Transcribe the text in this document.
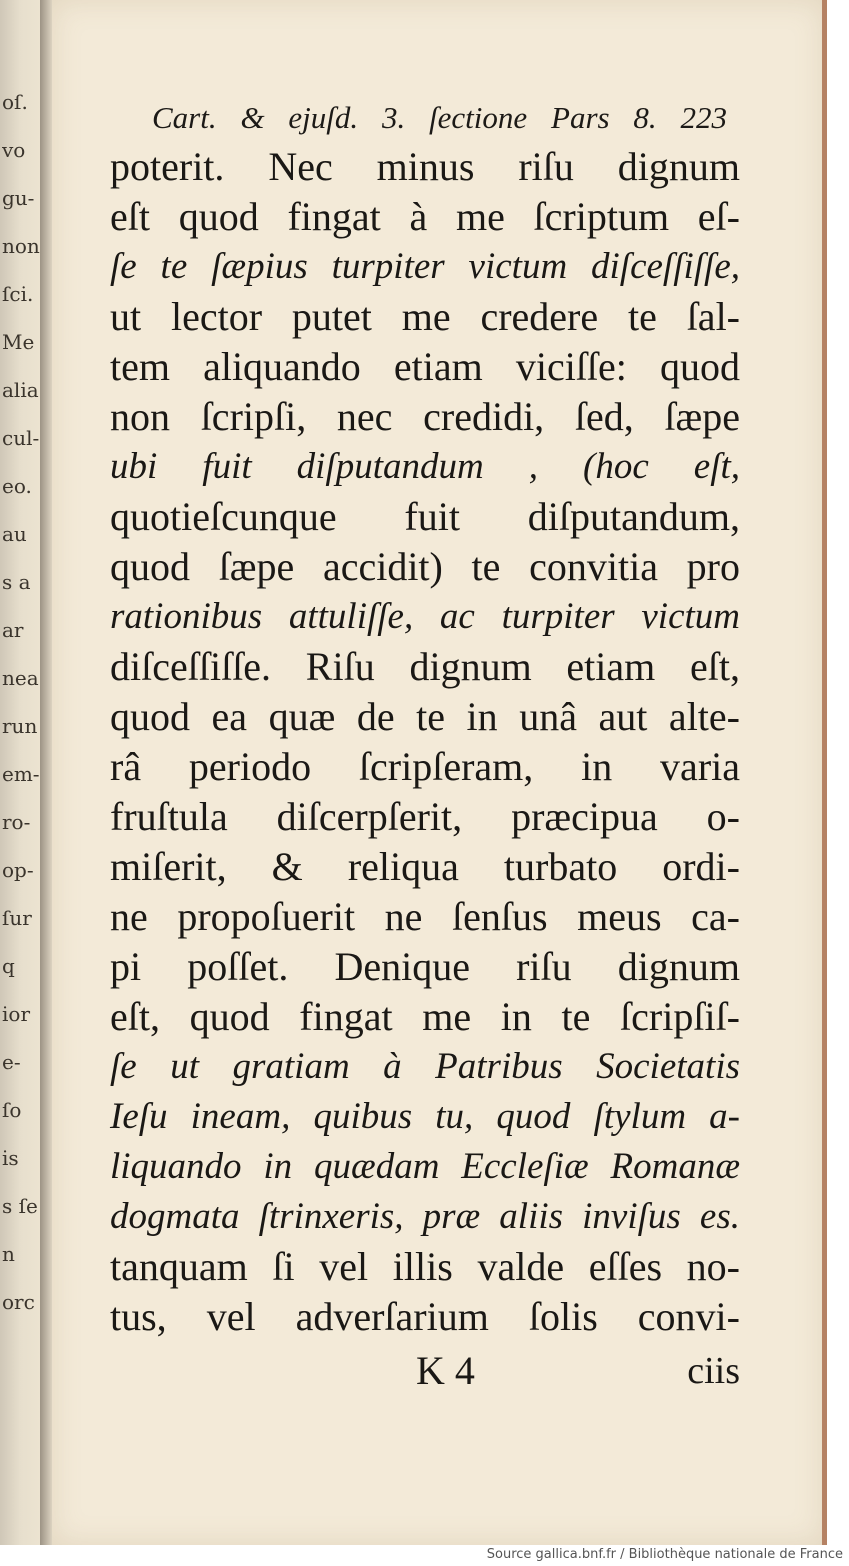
oſ.
vo
gu-
non
ſci.
Me
alia
cul-
eo.
au
s a
ar
nea
run
em-
ro-
op-
ſur
q
ior
e-
ſo
is
s ſe
n
orc
Cart. & ejuſd. 3. ſectione Pars 8. 223
poterit. Nec minus riſu dignum
eſt quod fingat à me ſcriptum eſ-
ſe te ſæpius turpiter victum diſceſſiſſe,
ut lector putet me credere te ſal-
tem aliquando etiam viciſſe: quod
non ſcripſi, nec credidi, ſed, ſæpe
ubi fuit diſputandum , (hoc eſt,
quotieſcunque fuit diſputandum,
quod ſæpe accidit) te convitia pro
rationibus attuliſſe, ac turpiter victum
diſceſſiſſe. Riſu dignum etiam eſt,
quod ea quæ de te in unâ aut alte-
râ periodo ſcripſeram, in varia
fruſtula diſcerpſerit, præcipua o-
miſerit, & reliqua turbato ordi-
ne propoſuerit ne ſenſus meus ca-
pi poſſet. Denique riſu dignum
eſt, quod fingat me in te ſcripſiſ-
ſe ut gratiam à Patribus Societatis
Ieſu ineam, quibus tu, quod ſtylum a-
liquando in quædam Eccleſiæ Romanæ
dogmata ſtrinxeris, præ aliis inviſus es.
tanquam ſi vel illis valde eſſes no-
tus, vel adverſarium ſolis convi-
K 4	ciis
Source gallica.bnf.fr / Bibliothèque nationale de France
